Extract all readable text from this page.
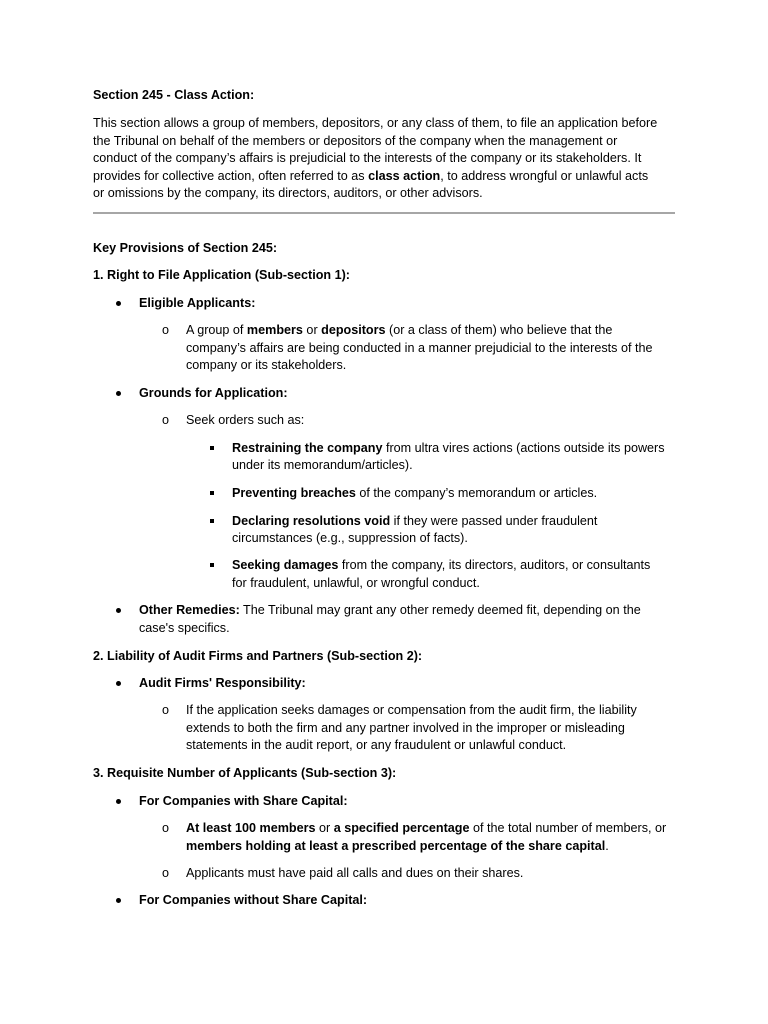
Section 245 - Class Action:

This section allows a group of members, depositors, or any class of them, to file an application before

the Tribunal on behalf of the members or depositors of the company when the management or

conduct of the company’s affairs is prejudicial to the interests of the company or its stakeholders. It

provides for collective action, often referred to as class action, to address wrongful or unlawful acts

or omissions by the company, its directors, auditors, or other advisors.

Key Provisions of Section 245:

1. Right to File Application (Sub-section 1):

Eligible Applicants:

o A group of members or depositors (or a class of them) who believe that the

company’s affairs are being conducted in a manner prejudicial to the interests of the

company or its stakeholders.

Grounds for Application:

o Seek orders such as:

Restraining the company from ultra vires actions (actions outside its powers

under its memorandum/articles).

Preventing breaches of the company’s memorandum or articles.

Declaring resolutions void if they were passed under fraudulent

circumstances (e.g., suppression of facts).

Seeking damages from the company, its directors, auditors, or consultants

for fraudulent, unlawful, or wrongful conduct.

Other Remedies: The Tribunal may grant any other remedy deemed fit, depending on the

case's specifics.

2. Liability of Audit Firms and Partners (Sub-section 2):

Audit Firms' Responsibility:

o If the application seeks damages or compensation from the audit firm, the liability

extends to both the firm and any partner involved in the improper or misleading

statements in the audit report, or any fraudulent or unlawful conduct.

3. Requisite Number of Applicants (Sub-section 3):

For Companies with Share Capital:

o At least 100 members or a specified percentage of the total number of members, or

members holding at least a prescribed percentage of the share capital.

o Applicants must have paid all calls and dues on their shares.

For Companies without Share Capital:
